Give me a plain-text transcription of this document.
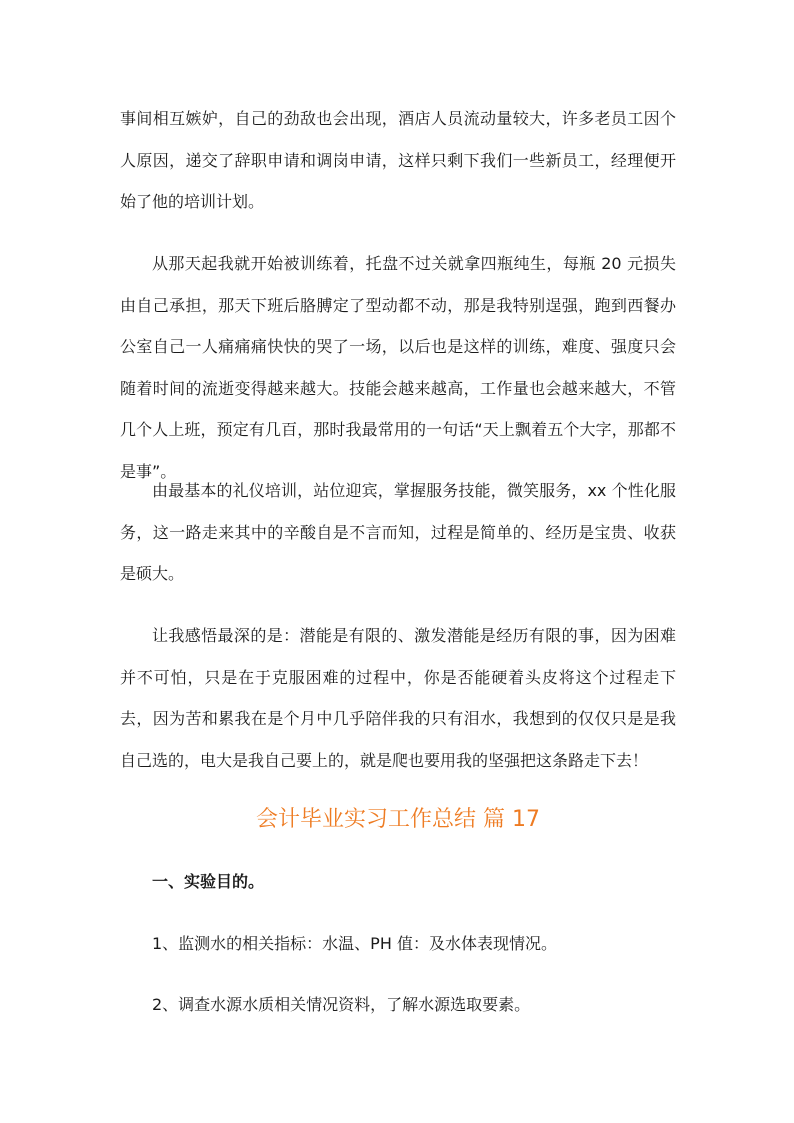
事间相互嫉妒，自己的劲敌也会出现，酒店人员流动量较大，许多老员工因个人原因，递交了辞职申请和调岗申请，这样只剩下我们一些新员工，经理便开始了他的培训计划。

从那天起我就开始被训练着，托盘不过关就拿四瓶纯生，每瓶 20 元损失由自己承担，那天下班后胳膊定了型动都不动，那是我特别逞强，跑到西餐办公室自己一人痛痛痛快快的哭了一场，以后也是这样的训练，难度、强度只会随着时间的流逝变得越来越大。技能会越来越高，工作量也会越来越大，不管几个人上班，预定有几百，那时我最常用的一句话“天上飘着五个大字，那都不是事”。

由最基本的礼仪培训，站位迎宾，掌握服务技能，微笑服务，xx 个性化服务，这一路走来其中的辛酸自是不言而知，过程是简单的、经历是宝贵、收获是硕大。

让我感悟最深的是：潜能是有限的、激发潜能是经历有限的事，因为困难并不可怕，只是在于克服困难的过程中，你是否能硬着头皮将这个过程走下去，因为苦和累我在是个月中几乎陪伴我的只有泪水，我想到的仅仅只是是我自己选的，电大是我自己要上的，就是爬也要用我的坚强把这条路走下去！

会计毕业实习工作总结 篇 17

一、实验目的。

1、监测水的相关指标：水温、PH 值：及水体表现情况。

2、调查水源水质相关情况资料，了解水源选取要素。
